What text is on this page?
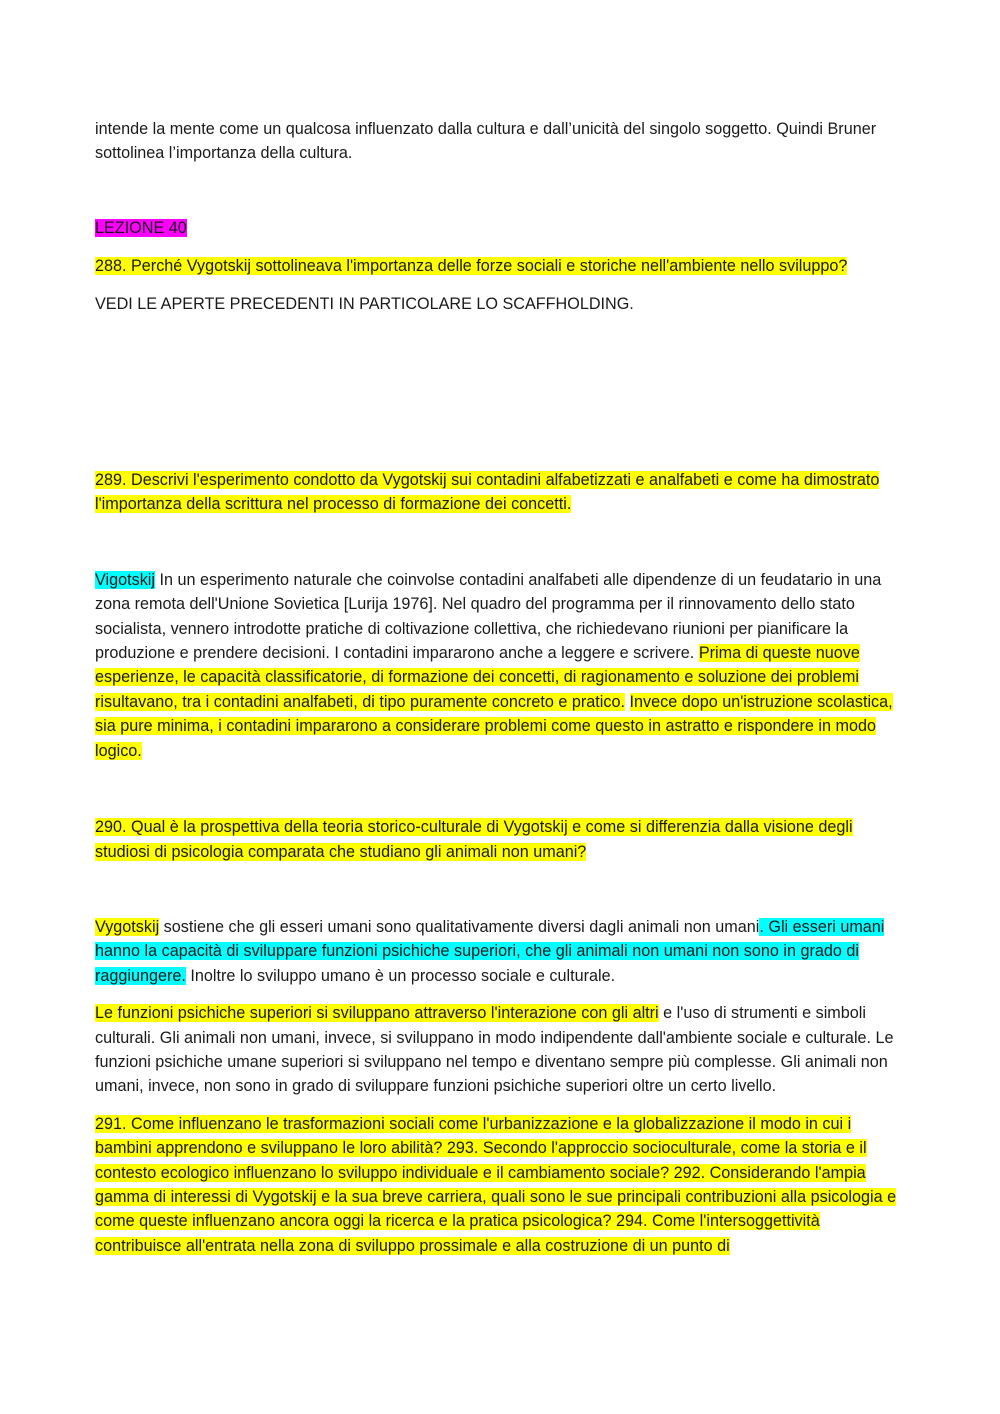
intende la mente come un qualcosa influenzato dalla cultura e dall’unicità del singolo soggetto. Quindi Bruner sottolinea l’importanza della cultura.

LEZIONE 40

288. Perché Vygotskij sottolineava l'importanza delle forze sociali e storiche nell'ambiente nello sviluppo?

VEDI LE APERTE PRECEDENTI IN PARTICOLARE LO SCAFFHOLDING.

289. Descrivi l'esperimento condotto da Vygotskij sui contadini alfabetizzati e analfabeti e come ha dimostrato l'importanza della scrittura nel processo di formazione dei concetti.

Vigotskij In un esperimento naturale che coinvolse contadini analfabeti alle dipendenze di un feudatario in una zona remota dell'Unione Sovietica [Lurija 1976]. Nel quadro del programma per il rinnovamento dello stato socialista, vennero introdotte pratiche di coltivazione collettiva, che richiedevano riunioni per pianificare la produzione e prendere decisioni. I contadini impararono anche a leggere e scrivere. Prima di queste nuove esperienze, le capacità classificatorie, di formazione dei concetti, di ragionamento e soluzione dei problemi risultavano, tra i contadini analfabeti, di tipo puramente concreto e pratico. Invece dopo un'istruzione scolastica, sia pure minima, i contadini impararono a considerare problemi come questo in astratto e rispondere in modo logico.

290. Qual è la prospettiva della teoria storico-culturale di Vygotskij e come si differenzia dalla visione degli studiosi di psicologia comparata che studiano gli animali non umani?

Vygotskij sostiene che gli esseri umani sono qualitativamente diversi dagli animali non umani. Gli esseri umani hanno la capacità di sviluppare funzioni psichiche superiori, che gli animali non umani non sono in grado di raggiungere. Inoltre lo sviluppo umano è un processo sociale e culturale.

Le funzioni psichiche superiori si sviluppano attraverso l'interazione con gli altri e l'uso di strumenti e simboli culturali. Gli animali non umani, invece, si sviluppano in modo indipendente dall'ambiente sociale e culturale. Le funzioni psichiche umane superiori si sviluppano nel tempo e diventano sempre più complesse. Gli animali non umani, invece, non sono in grado di sviluppare funzioni psichiche superiori oltre un certo livello.

291. Come influenzano le trasformazioni sociali come l'urbanizzazione e la globalizzazione il modo in cui i bambini apprendono e sviluppano le loro abilità? 293. Secondo l'approccio socioculturale, come la storia e il contesto ecologico influenzano lo sviluppo individuale e il cambiamento sociale? 292. Considerando l'ampia gamma di interessi di Vygotskij e la sua breve carriera, quali sono le sue principali contribuzioni alla psicologia e come queste influenzano ancora oggi la ricerca e la pratica psicologica? 294. Come l'intersoggettività contribuisce all'entrata nella zona di sviluppo prossimale e alla costruzione di un punto di
